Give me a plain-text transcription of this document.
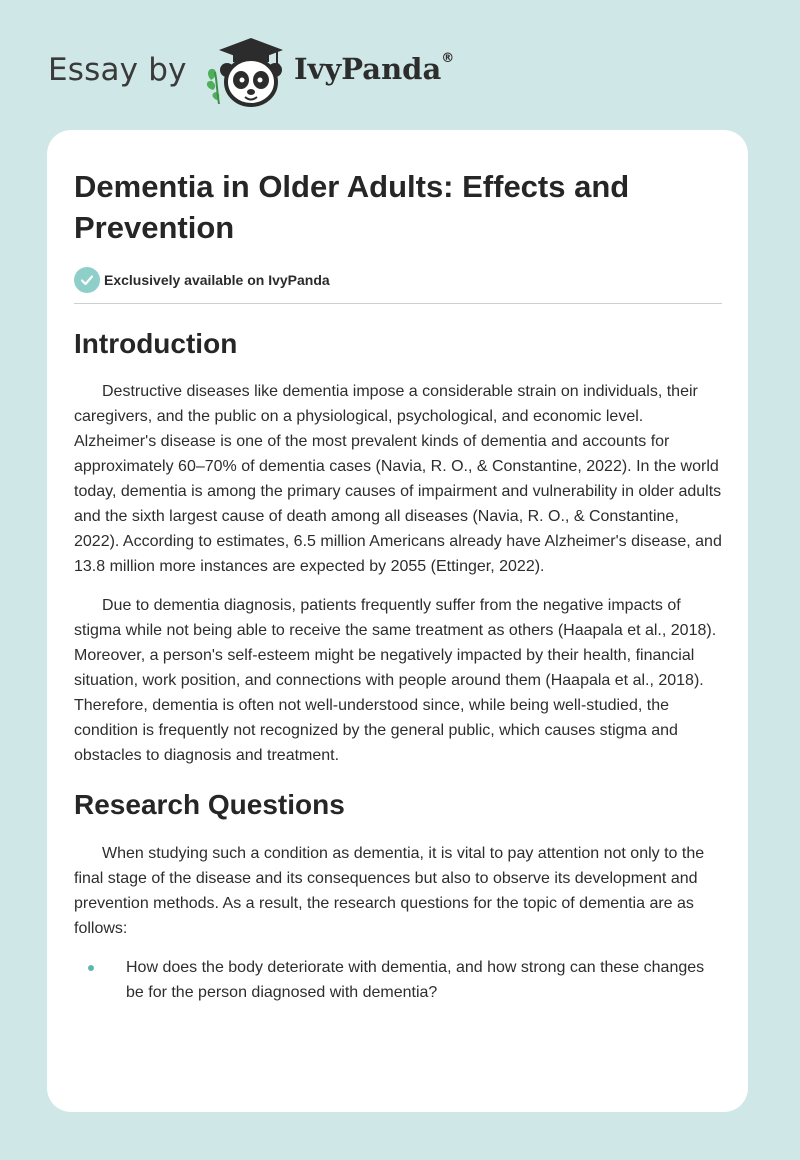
Essay by	IvyPanda®
Dementia in Older Adults: Effects and Prevention
Exclusively available on IvyPanda
Introduction

Destructive diseases like dementia impose a considerable strain on individuals, their caregivers, and the public on a physiological, psychological, and economic level. Alzheimer's disease is one of the most prevalent kinds of dementia and accounts for approximately 60–70% of dementia cases (Navia, R. O., & Constantine, 2022). In the world today, dementia is among the primary causes of impairment and vulnerability in older adults and the sixth largest cause of death among all diseases (Navia, R. O., & Constantine, 2022). According to estimates, 6.5 million Americans already have Alzheimer's disease, and 13.8 million more instances are expected by 2055 (Ettinger, 2022).

Due to dementia diagnosis, patients frequently suffer from the negative impacts of stigma while not being able to receive the same treatment as others (Haapala et al., 2018). Moreover, a person's self-esteem might be negatively impacted by their health, financial situation, work position, and connections with people around them (Haapala et al., 2018). Therefore, dementia is often not well-understood since, while being well-studied, the condition is frequently not recognized by the general public, which causes stigma and obstacles to diagnosis and treatment.

Research Questions

When studying such a condition as dementia, it is vital to pay attention not only to the final stage of the disease and its consequences but also to observe its development and prevention methods. As a result, the research questions for the topic of dementia are as follows:

How does the body deteriorate with dementia, and how strong can these changes be for the person diagnosed with dementia?
